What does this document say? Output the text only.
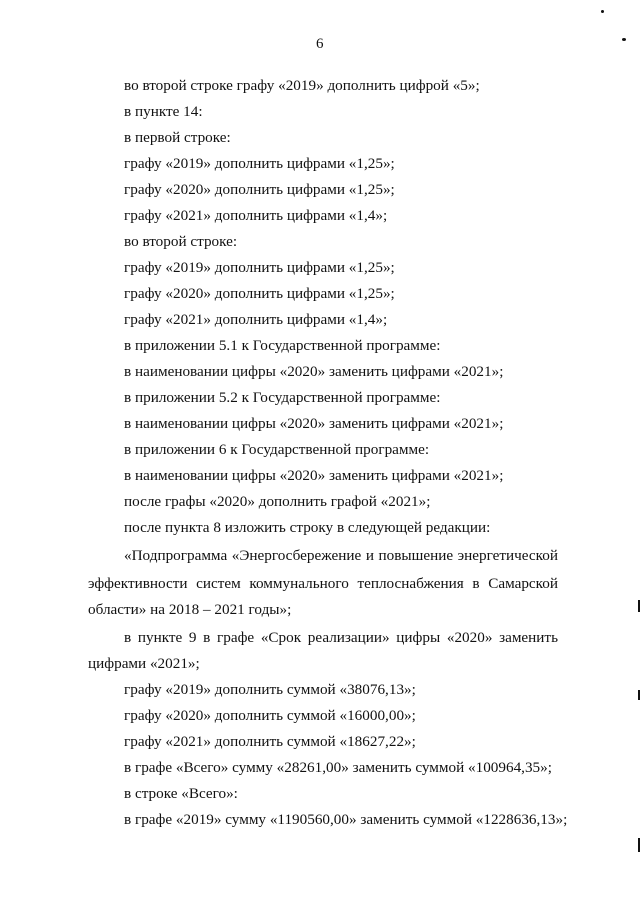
6
во второй строке графу «2019» дополнить цифрой «5»;
в пункте 14:
в первой строке:
графу «2019» дополнить цифрами «1,25»;
графу «2020» дополнить цифрами «1,25»;
графу «2021» дополнить цифрами «1,4»;
во второй строке:
графу «2019» дополнить цифрами «1,25»;
графу «2020» дополнить цифрами «1,25»;
графу «2021» дополнить цифрами «1,4»;
в приложении 5.1 к Государственной программе:
в наименовании цифры «2020» заменить цифрами «2021»;
в приложении 5.2 к Государственной программе:
в наименовании цифры «2020» заменить цифрами «2021»;
в приложении 6 к Государственной программе:
в наименовании цифры «2020» заменить цифрами «2021»;
после графы «2020» дополнить графой «2021»;
после пункта 8 изложить строку в следующей редакции:
«Подпрограмма «Энергосбережение и повышение энергетической
эффективности систем коммунального теплоснабжения в Самарской
области» на 2018 – 2021 годы»;
в пункте 9 в графе «Срок реализации» цифры «2020» заменить
цифрами «2021»;
графу «2019» дополнить суммой «38076,13»;
графу «2020» дополнить суммой «16000,00»;
графу «2021» дополнить суммой «18627,22»;
в графе «Всего» сумму «28261,00» заменить суммой «100964,35»;
в строке «Всего»:
в графе «2019» сумму «1190560,00» заменить суммой «1228636,13»;
